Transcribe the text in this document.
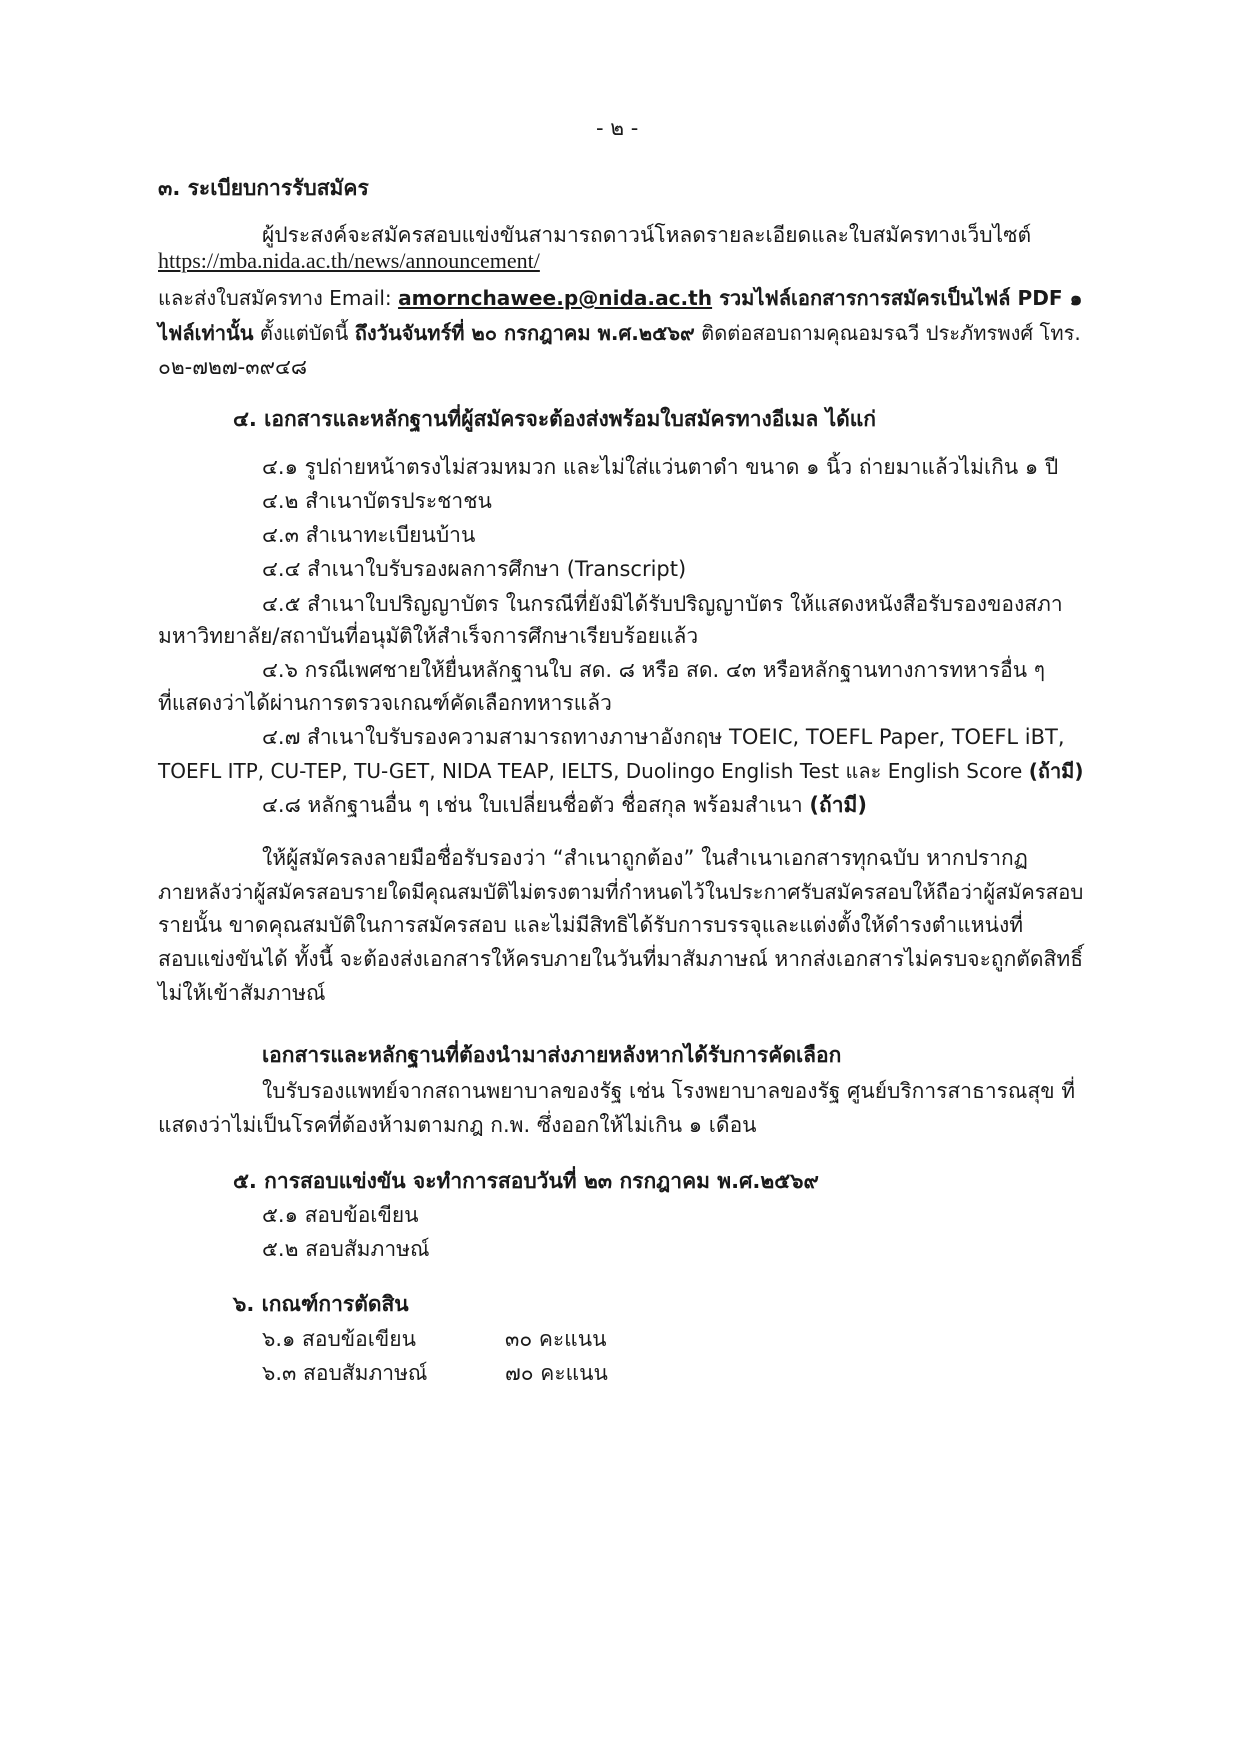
- ๒ -
๓. ระเบียบการรับสมัคร
ผู้ประสงค์จะสมัครสอบแข่งขันสามารถดาวน์โหลดรายละเอียดและใบสมัครทางเว็บไซต์
https://mba.nida.ac.th/news/announcement/
และส่งใบสมัครทาง Email: amornchawee.p@nida.ac.th รวมไฟล์เอกสารการสมัครเป็นไฟล์ PDF ๑
ไฟล์เท่านั้น ตั้งแต่บัดนี้ ถึงวันจันทร์ที่ ๒๐ กรกฎาคม พ.ศ.๒๕๖๙ ติดต่อสอบถามคุณอมรฉวี ประภัทรพงศ์ โทร.
๐๒-๗๒๗-๓๙๔๘
๔. เอกสารและหลักฐานที่ผู้สมัครจะต้องส่งพร้อมใบสมัครทางอีเมล ได้แก่
๔.๑ รูปถ่ายหน้าตรงไม่สวมหมวก และไม่ใส่แว่นตาดำ ขนาด ๑ นิ้ว ถ่ายมาแล้วไม่เกิน ๑ ปี
๔.๒ สำเนาบัตรประชาชน
๔.๓ สำเนาทะเบียนบ้าน
๔.๔ สำเนาใบรับรองผลการศึกษา (Transcript)
๔.๕ สำเนาใบปริญญาบัตร ในกรณีที่ยังมิได้รับปริญญาบัตร ให้แสดงหนังสือรับรองของสภา
มหาวิทยาลัย/สถาบันที่อนุมัติให้สำเร็จการศึกษาเรียบร้อยแล้ว
๔.๖ กรณีเพศชายให้ยื่นหลักฐานใบ สด. ๘ หรือ สด. ๔๓ หรือหลักฐานทางการทหารอื่น ๆ
ที่แสดงว่าได้ผ่านการตรวจเกณฑ์คัดเลือกทหารแล้ว
๔.๗ สำเนาใบรับรองความสามารถทางภาษาอังกฤษ TOEIC, TOEFL Paper, TOEFL iBT,
TOEFL ITP, CU-TEP, TU-GET, NIDA TEAP, IELTS, Duolingo English Test และ English Score (ถ้ามี)
๔.๘ หลักฐานอื่น ๆ เช่น ใบเปลี่ยนชื่อตัว ชื่อสกุล พร้อมสำเนา (ถ้ามี)
ให้ผู้สมัครลงลายมือชื่อรับรองว่า “สำเนาถูกต้อง” ในสำเนาเอกสารทุกฉบับ หากปรากฏ
ภายหลังว่าผู้สมัครสอบรายใดมีคุณสมบัติไม่ตรงตามที่กำหนดไว้ในประกาศรับสมัครสอบให้ถือว่าผู้สมัครสอบ
รายนั้น ขาดคุณสมบัติในการสมัครสอบ และไม่มีสิทธิได้รับการบรรจุและแต่งตั้งให้ดำรงตำแหน่งที่
สอบแข่งขันได้ ทั้งนี้ จะต้องส่งเอกสารให้ครบภายในวันที่มาสัมภาษณ์ หากส่งเอกสารไม่ครบจะถูกตัดสิทธิ์
ไม่ให้เข้าสัมภาษณ์
เอกสารและหลักฐานที่ต้องนำมาส่งภายหลังหากได้รับการคัดเลือก
ใบรับรองแพทย์จากสถานพยาบาลของรัฐ เช่น โรงพยาบาลของรัฐ ศูนย์บริการสาธารณสุข ที่
แสดงว่าไม่เป็นโรคที่ต้องห้ามตามกฎ ก.พ. ซึ่งออกให้ไม่เกิน ๑ เดือน
๕. การสอบแข่งขัน จะทำการสอบวันที่ ๒๓ กรกฎาคม พ.ศ.๒๕๖๙
๕.๑ สอบข้อเขียน
๕.๒ สอบสัมภาษณ์
๖. เกณฑ์การตัดสิน
๖.๑ สอบข้อเขียน	๓๐ คะแนน
๖.๓ สอบสัมภาษณ์	๗๐ คะแนน
